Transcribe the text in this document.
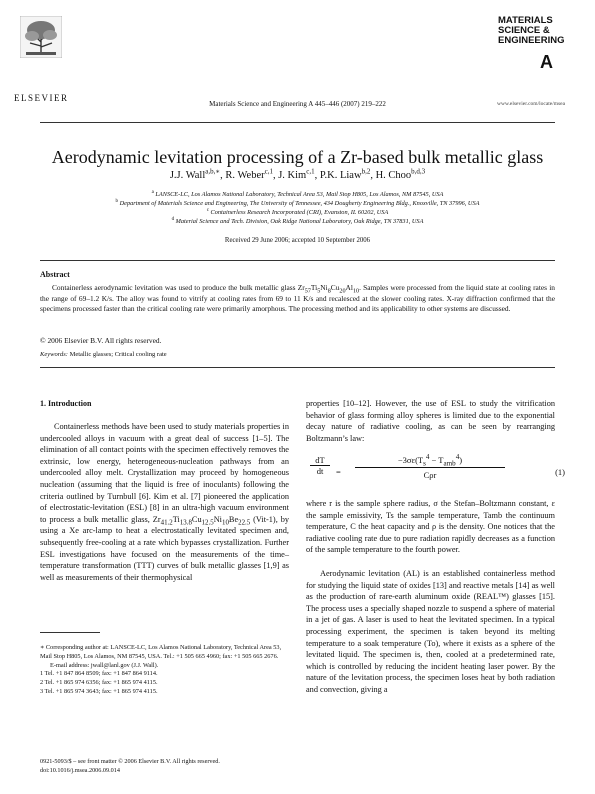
ELSEVIER
Materials Science and Engineering A 445–446 (2007) 219–222
MATERIALS
SCIENCE &
ENGINEERING
A
www.elsevier.com/locate/msea
Aerodynamic levitation processing of a Zr-based bulk metallic glass
J.J. Wall$^{a,b,∗}$, R. Weber$^{c,1}$, J. Kim$^{c,1}$, P.K. Liaw$^{b,2}$, H. Choo$^{b,d,3}$
$^a$ LANSCE-LC, Los Alamos National Laboratory, Technical Area 53, Mail Stop H805, Los Alamos, NM 87545, USA
$^b$ Department of Materials Science and Engineering, The University of Tennessee, 434 Dougherty Engineering Bldg., Knoxville, TN 37996, USA
$^c$ Containerless Research Incorporated (CRI), Evanston, IL 60202, USA
$^d$ Material Science and Tech. Division, Oak Ridge National Laboratory, Oak Ridge, TN 37831, USA
Received 29 June 2006; accepted 10 September 2006
Abstract
Containerless aerodynamic levitation was used to produce the bulk metallic glass $Zr_{57}Ti_5Ni_8Cu_{20}Al_{10}$. Samples were processed from the liquid state at cooling rates in the range of 69–1.2 K/s. The alloy was found to vitrify at cooling rates from 69 to 11 K/s and recalesced at the slower cooling rates. X-ray diffraction confirmed that the specimens processed faster than the critical cooling rate were primarily amorphous. The processing method and its applicability to other systems are discussed.
© 2006 Elsevier B.V. All rights reserved.
Keywords: Metallic glasses; Critical cooling rate
1. Introduction
Containerless methods have been used to study materials properties in undercooled alloys in vacuum with a great deal of success [1–5]. The elimination of all contact points with the specimen effectively removes the extrinsic, low energy, heterogeneous-nucleation pathways from an undercooled alloy melt. Crystallization may proceed by homogeneous nucleation (assuming that the liquid is free of inoculants) following the criteria outlined by Turnbull [6]. Kim et al. [7] pioneered the application of electrostatic-levitation (ESL) [8] in an ultra-high vacuum environment to process a bulk metallic glass, $Zr_{41.2}Ti_{13.8}Cu_{12.5}Ni_{10}Be_{22.5}$ (Vit-1), by using a Xe arc-lamp to heat a electrostatically levitated specimen and, subsequently free-cooling at a rate which bypasses crystallization. Further ESL investigations have focused on the measurements of the time–temperature transformation (TTT) curves of bulk metallic glasses [1,9] as well as measurements of their thermophysical
∗ Corresponding author at: LANSCE-LC, Los Alamos National Laboratory, Technical Area 53, Mail Stop H805, Los Alamos, NM 87545, USA. Tel.: +1 505 665 4960; fax: +1 505 665 2676.
E-mail address: jwall@lanl.gov (J.J. Wall).
1 Tel. +1 847 864 8509; fax: +1 847 864 9114.
2 Tel. +1 865 974 6356; fax: +1 865 974 4115.
3 Tel. +1 865 974 3643; fax: +1 865 974 4115.
properties [10–12]. However, the use of ESL to study the vitrification behavior of glass forming alloy spheres is limited due to the exponential decay nature of radiative cooling, as can be seen by rearranging Boltzmann’s law:
$\frac{dT}{dt}$ =
$-3\sigma\varepsilon(T_s^4 - T_{amb}^4)$
Cρr	(1)
where r is the sample sphere radius, σ the Stefan–Boltzmann constant, ε the sample emissivity, Ts the sample temperature, Tamb the continuum temperature, C the heat capacity and ρ is the density. One notices that the radiative cooling rate due to pure radiation rapidly decreases as a function of the sample temperature to the fourth power.
Aerodynamic levitation (AL) is an established containerless method for studying the liquid state of oxides [13] and reactive metals [14] as well as the production of rare-earth aluminum oxide (REAL™) glasses [15]. The process uses a specially shaped nozzle to suspend a sphere of material in a jet of gas. A laser is used to heat the levitated specimen. In a typical processing experiment, the specimen is taken beyond its melting temperature to a soak temperature (To), where it exists as a sphere of the levitated liquid. The specimen is, then, cooled at a predetermined rate, which is controlled by reducing the incident heating laser power. By the nature of the levitation process, the specimen loses heat by both radiation and convection, giving a
0921-5093/$ – see front matter © 2006 Elsevier B.V. All rights reserved.
doi:10.1016/j.msea.2006.09.014
